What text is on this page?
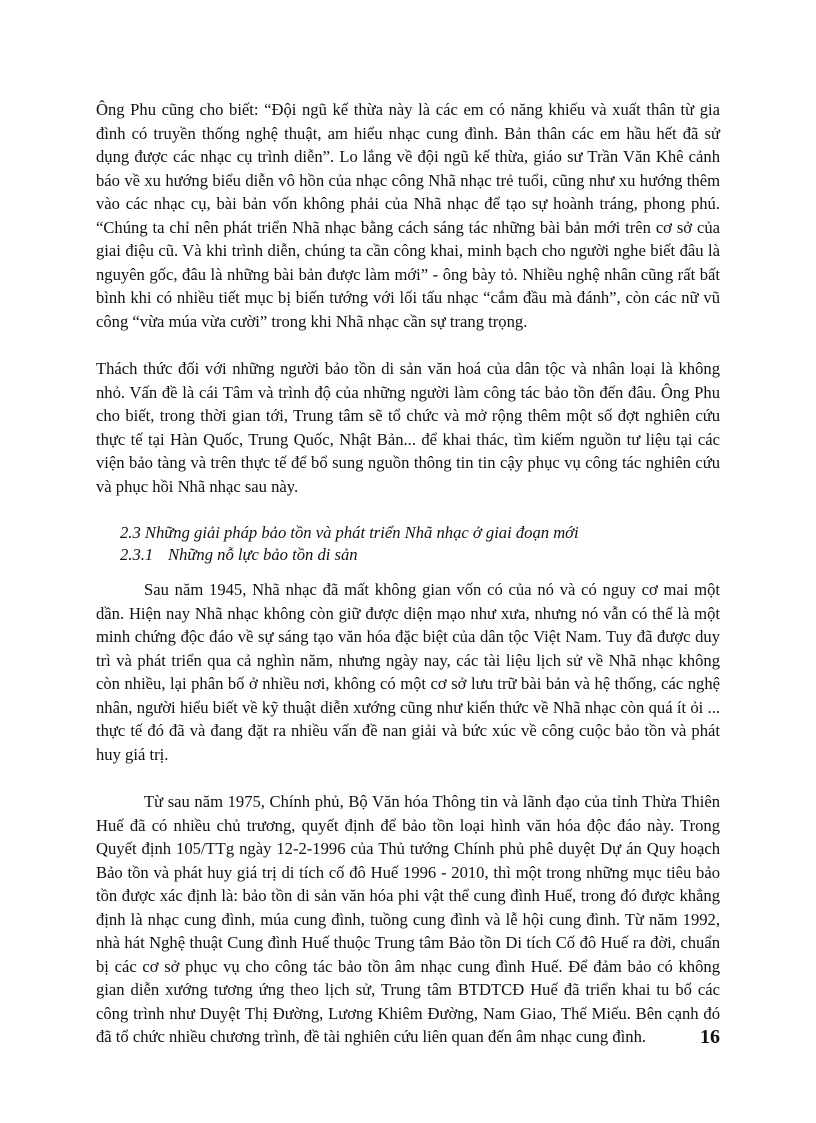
Ông Phu cũng cho biết: “Đội ngũ kế thừa này là các em có năng khiếu và xuất thân từ gia đình có truyền thống nghệ thuật, am hiểu nhạc cung đình. Bản thân các em hầu hết đã sử dụng được các nhạc cụ trình diễn”. Lo lắng về đội ngũ kế thừa, giáo sư Trần Văn Khê cảnh báo về xu hướng biểu diễn vô hồn của nhạc công Nhã nhạc trẻ tuổi, cũng như xu hướng thêm vào các nhạc cụ, bài bản vốn không phải của Nhã nhạc để tạo sự hoành tráng, phong phú. “Chúng ta chỉ nên phát triển Nhã nhạc bằng cách sáng tác những bài bản mới trên cơ sở của giai điệu cũ. Và khi trình diễn, chúng ta cần công khai, minh bạch cho người nghe biết đâu là nguyên gốc, đâu là những bài bản được làm mới” - ông bày tỏ. Nhiều nghệ nhân cũng rất bất bình khi có nhiều tiết mục bị biến tướng với lối tấu nhạc “cắm đầu mà đánh”, còn các nữ vũ công “vừa múa vừa cười” trong khi Nhã nhạc cần sự trang trọng.

Thách thức đối với những người bảo tồn di sản văn hoá của dân tộc và nhân loại là không nhỏ. Vấn đề là cái Tâm và trình độ của những người làm công tác bảo tồn đến đâu. Ông Phu cho biết, trong thời gian tới, Trung tâm sẽ tổ chức và mở rộng thêm một số đợt nghiên cứu thực tế tại Hàn Quốc, Trung Quốc, Nhật Bản... để khai thác, tìm kiếm nguồn tư liệu tại các viện bảo tàng và trên thực tế để bổ sung nguồn thông tin tin cậy phục vụ công tác nghiên cứu và phục hồi Nhã nhạc sau này.

2.3 Những giải pháp bảo tồn và phát triển Nhã nhạc ở giai đoạn mới

2.3.1 Những nỗ lực bảo tồn di sản

Sau năm 1945, Nhã nhạc đã mất không gian vốn có của nó và có nguy cơ mai một dần. Hiện nay Nhã nhạc không còn giữ được diện mạo như xưa, nhưng nó vẫn có thể là một minh chứng độc đáo về sự sáng tạo văn hóa đặc biệt của dân tộc Việt Nam. Tuy đã được duy trì và phát triển qua cả nghìn năm, nhưng ngày nay, các tài liệu lịch sử về Nhã nhạc không còn nhiều, lại phân bố ở nhiều nơi, không có một cơ sở lưu trữ bài bản và hệ thống, các nghệ nhân, người hiểu biết về kỹ thuật diễn xướng cũng như kiến thức về Nhã nhạc còn quá ít ỏi ... thực tế đó đã và đang đặt ra nhiều vấn đề nan giải và bức xúc về công cuộc bảo tồn và phát huy giá trị.

Từ sau năm 1975, Chính phủ, Bộ Văn hóa Thông tin và lãnh đạo của tỉnh Thừa Thiên Huế đã có nhiều chủ trương, quyết định để bảo tồn loại hình văn hóa độc đáo này. Trong Quyết định 105/TTg ngày 12-2-1996 của Thủ tướng Chính phủ phê duyệt Dự án Quy hoạch Bảo tồn và phát huy giá trị di tích cố đô Huế 1996 - 2010, thì một trong những mục tiêu bảo tồn được xác định là: bảo tồn di sản văn hóa phi vật thể cung đình Huế, trong đó được khẳng định là nhạc cung đình, múa cung đình, tuồng cung đình và lễ hội cung đình. Từ năm 1992, nhà hát Nghệ thuật Cung đình Huế thuộc Trung tâm Bảo tồn Di tích Cố đô Huế ra đời, chuẩn bị các cơ sở phục vụ cho công tác bảo tồn âm nhạc cung đình Huế. Để đảm bảo có không gian diễn xướng tương ứng theo lịch sử, Trung tâm BTDTCĐ Huế đã triển khai tu bổ các công trình như Duyệt Thị Đường, Lương Khiêm Đường, Nam Giao, Thế Miếu. Bên cạnh đó đã tổ chức nhiều chương trình, đề tài nghiên cứu liên quan đến âm nhạc cung đình.	16
